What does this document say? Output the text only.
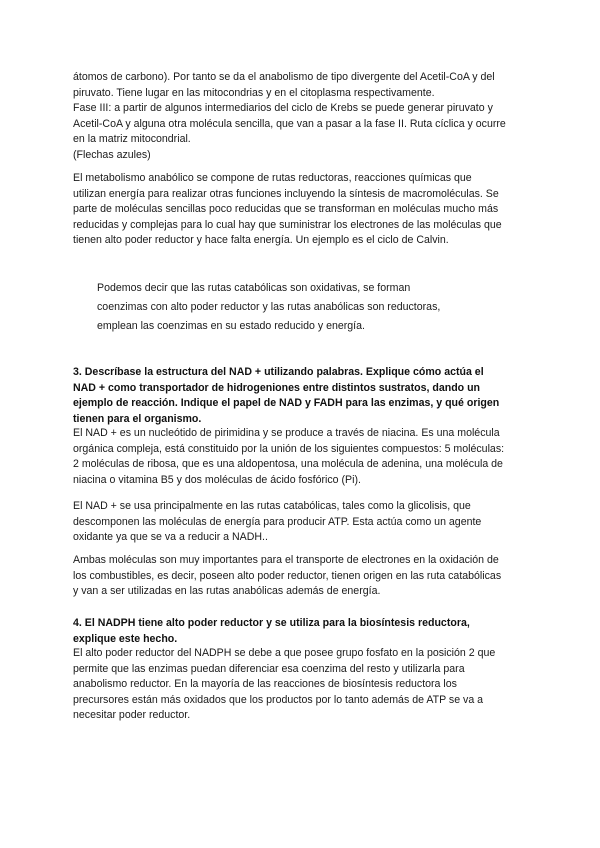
átomos de carbono). Por tanto se da el anabolismo de tipo divergente del Acetil-CoA y del

piruvato. Tiene lugar en las mitocondrias y en el citoplasma respectivamente.

Fase III: a partir de algunos intermediarios del ciclo de Krebs se puede generar piruvato y

Acetil-CoA y alguna otra molécula sencilla, que van a pasar a la fase II. Ruta cíclica y ocurre

en la matriz mitocondrial.

(Flechas azules)

El metabolismo anabólico se compone de rutas reductoras, reacciones químicas que

utilizan energía para realizar otras funciones incluyendo la síntesis de macromoléculas. Se

parte de moléculas sencillas poco reducidas que se transforman en moléculas mucho más

reducidas y complejas para lo cual hay que suministrar los electrones de las moléculas que

tienen alto poder reductor y hace falta energía. Un ejemplo es el ciclo de Calvin.

Podemos decir que las rutas catabólicas son oxidativas, se forman

coenzimas con alto poder reductor y las rutas anabólicas son reductoras,

emplean las coenzimas en su estado reducido y energía.

3. Descríbase la estructura del NAD + utilizando palabras. Explique cómo actúa el

NAD + como transportador de hidrogeniones entre distintos sustratos, dando un

ejemplo de reacción. Indique el papel de NAD y FADH para las enzimas, y qué origen

tienen para el organismo.

El NAD + es un nucleótido de pirimidina y se produce a través de niacina. Es una molécula

orgánica compleja, está constituido por la unión de los siguientes compuestos: 5 moléculas:

2 moléculas de ribosa, que es una aldopentosa, una molécula de adenina, una molécula de

niacina o vitamina B5 y dos moléculas de ácido fosfórico (Pi).

El NAD + se usa principalmente en las rutas catabólicas, tales como la glicolisis, que

descomponen las moléculas de energía para producir ATP. Esta actúa como un agente

oxidante ya que se va a reducir a NADH..

Ambas moléculas son muy importantes para el transporte de electrones en la oxidación de

los combustibles, es decir, poseen alto poder reductor, tienen origen en las ruta catabólicas

y van a ser utilizadas en las rutas anabólicas además de energía.

4. El NADPH tiene alto poder reductor y se utiliza para la biosíntesis reductora,

explique este hecho.

El alto poder reductor del NADPH se debe a que posee grupo fosfato en la posición 2 que

permite que las enzimas puedan diferenciar esa coenzima del resto y utilizarla para

anabolismo reductor. En la mayoría de las reacciones de biosíntesis reductora los

precursores están más oxidados que los productos por lo tanto además de ATP se va a

necesitar poder reductor.
